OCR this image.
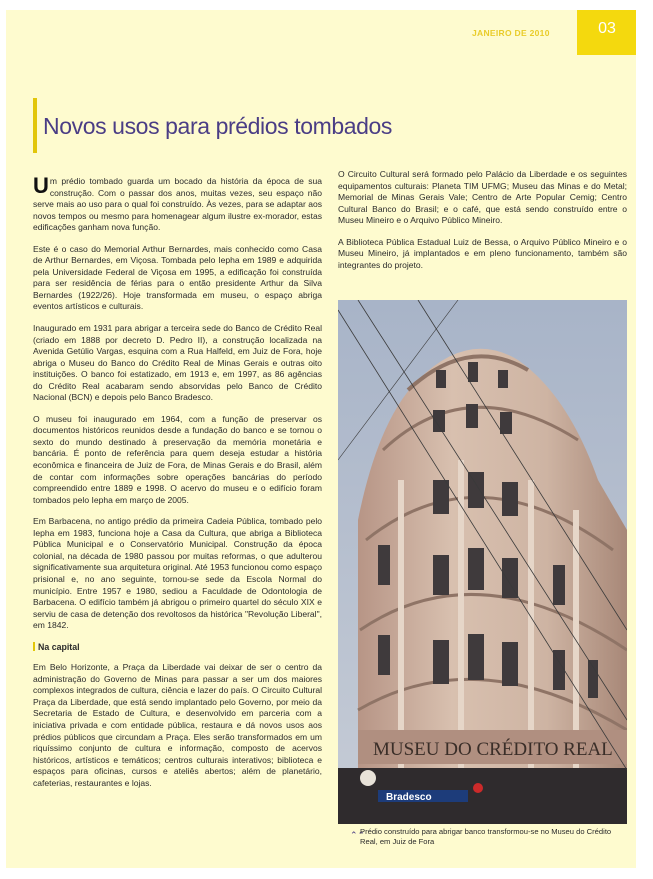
JANEIRO DE 2010	03
Novos usos para prédios tombados

Um prédio tombado guarda um bocado da história da época de sua construção. Com o passar dos anos, muitas vezes, seu espaço não serve mais ao uso para o qual foi construído. Às vezes, para se adaptar aos novos tempos ou mesmo para homenagear algum ilustre ex-morador, estas edificações ganham nova função.

Este é o caso do Memorial Arthur Bernardes, mais conhecido como Casa de Arthur Bernardes, em Viçosa. Tombada pelo Iepha em 1989 e adquirida pela Universidade Federal de Viçosa em 1995, a edificação foi construída para ser residência de férias para o então presidente Arthur da Silva Bernardes (1922/26). Hoje transformada em museu, o espaço abriga eventos artísticos e culturais.

Inaugurado em 1931 para abrigar a terceira sede do Banco de Crédito Real (criado em 1888 por decreto D. Pedro II), a construção localizada na Avenida Getúlio Vargas, esquina com a Rua Halfeld, em Juiz de Fora, hoje abriga o Museu do Banco do Crédito Real de Minas Gerais e outras oito instituições. O banco foi estatizado, em 1913 e, em 1997, as 86 agências do Crédito Real acabaram sendo absorvidas pelo Banco de Crédito Nacional (BCN) e depois pelo Banco Bradesco.

O museu foi inaugurado em 1964, com a função de preservar os documentos históricos reunidos desde a fundação do banco e se tornou o sexto do mundo destinado à preservação da memória monetária e bancária. É ponto de referência para quem deseja estudar a história econômica e financeira de Juiz de Fora, de Minas Gerais e do Brasil, além de contar com informações sobre operações bancárias do período compreendido entre 1889 e 1998. O acervo do museu e o edifício foram tombados pelo Iepha em março de 2005.

Em Barbacena, no antigo prédio da primeira Cadeia Pública, tombado pelo Iepha em 1983, funciona hoje a Casa da Cultura, que abriga a Biblioteca Pública Municipal e o Conservatório Municipal. Construção da época colonial, na década de 1980 passou por muitas reformas, o que adulterou significativamente sua arquitetura original. Até 1953 funcionou como espaço prisional e, no ano seguinte, tornou-se sede da Escola Normal do município. Entre 1957 e 1980, sediou a Faculdade de Odontologia de Barbacena. O edifício também já abrigou o primeiro quartel do século XIX e serviu de casa de detenção dos revoltosos da histórica "Revolução Liberal", em 1842.

Na capital

Em Belo Horizonte, a Praça da Liberdade vai deixar de ser o centro da administração do Governo de Minas para passar a ser um dos maiores complexos integrados de cultura, ciência e lazer do país. O Circuito Cultural Praça da Liberdade, que está sendo implantado pelo Governo, por meio da Secretaria de Estado de Cultura, e desenvolvido em parceria com a iniciativa privada e com entidade pública, restaura e dá novos usos aos prédios públicos que circundam a Praça. Eles serão transformados em um riquíssimo conjunto de cultura e informação, composto de acervos históricos, artísticos e temáticos; centros culturais interativos; biblioteca e espaços para oficinas, cursos e ateliês abertos; além de planetário, cafeterias, restaurantes e lojas.

O Circuito Cultural será formado pelo Palácio da Liberdade e os seguintes equipamentos culturais: Planeta TIM UFMG; Museu das Minas e do Metal; Memorial de Minas Gerais Vale; Centro de Arte Popular Cemig; Centro Cultural Banco do Brasil; e o café, que está sendo construído entre o Museu Mineiro e o Arquivo Público Mineiro.

A Biblioteca Pública Estadual Luiz de Bessa, o Arquivo Público Mineiro e o Museu Mineiro, já implantados e em pleno funcionamento, também são integrantes do projeto.

MUSEU DO CRÉDITO REAL
Bradesco
⌃⌃
Prédio construído para abrigar banco transformou-se no Museu do Crédito Real, em Juiz de Fora
